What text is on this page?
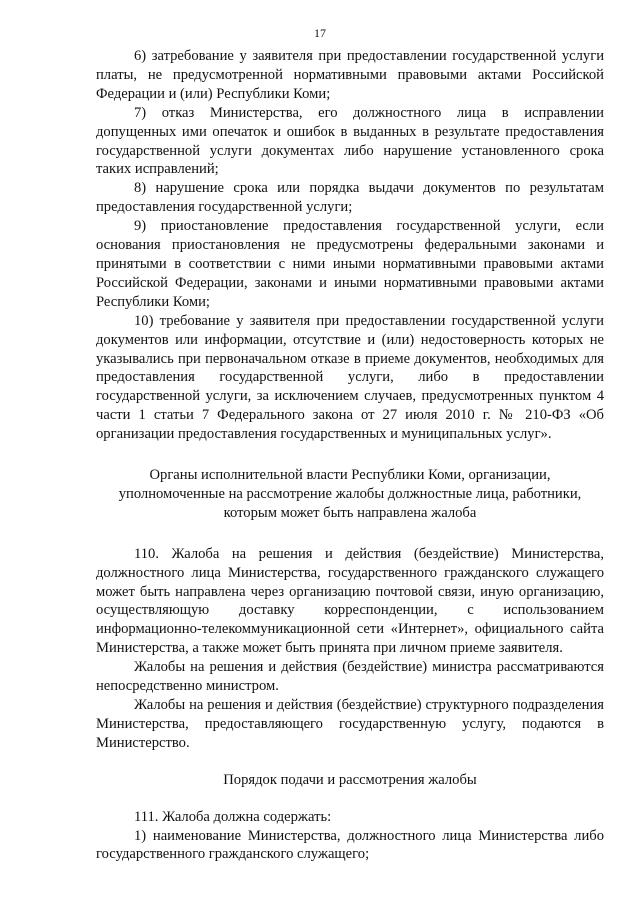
17

6) затребование у заявителя при предоставлении государственной услуги платы, не предусмотренной нормативными правовыми актами Российской Федерации и (или) Республики Коми;

7) отказ Министерства, его должностного лица в исправлении допущенных ими опечаток и ошибок в выданных в результате предоставления государственной услуги документах либо нарушение установленного срока таких исправлений;

8) нарушение срока или порядка выдачи документов по результатам предоставления государственной услуги;

9) приостановление предоставления государственной услуги, если основания приостановления не предусмотрены федеральными законами и принятыми в соответствии с ними иными нормативными правовыми актами Российской Федерации, законами и иными нормативными правовыми актами Республики Коми;

10) требование у заявителя при предоставлении государственной услуги документов или информации, отсутствие и (или) недостоверность которых не указывались при первоначальном отказе в приеме документов, необходимых для предоставления государственной услуги, либо в предоставлении государственной услуги, за исключением случаев, предусмотренных пунктом 4 части 1 статьи 7 Федерального закона от 27 июля 2010 г. № 210-ФЗ «Об организации предоставления государственных и муниципальных услуг».

Органы исполнительной власти Республики Коми, организации, уполномоченные на рассмотрение жалобы должностные лица, работники, которым может быть направлена жалоба

110. Жалоба на решения и действия (бездействие) Министерства, должностного лица Министерства, государственного гражданского служащего может быть направлена через организацию почтовой связи, иную организацию, осуществляющую доставку корреспонденции, с использованием информационно-телекоммуникационной сети «Интернет», официального сайта Министерства, а также может быть принята при личном приеме заявителя.

Жалобы на решения и действия (бездействие) министра рассматриваются непосредственно министром.

Жалобы на решения и действия (бездействие) структурного подразделения Министерства, предоставляющего государственную услугу, подаются в Министерство.

Порядок подачи и рассмотрения жалобы

111. Жалоба должна содержать:

1) наименование Министерства, должностного лица Министерства либо государственного гражданского служащего;
